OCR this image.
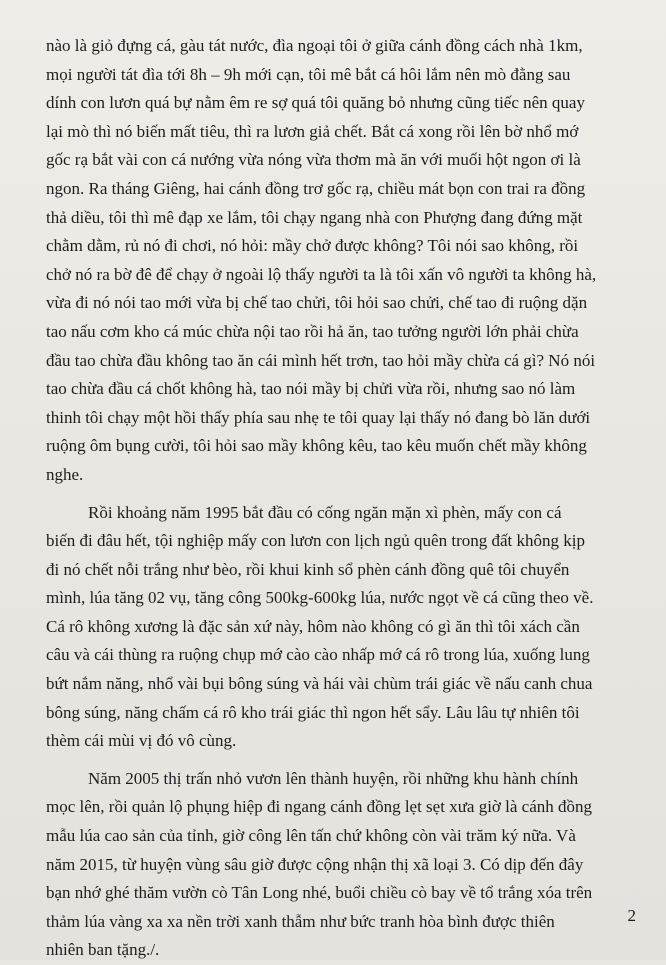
nào là giỏ đựng cá, gàu tát nước, đìa ngoại tôi ở giữa cánh đồng cách nhà 1km,
mọi người tát đìa tới 8h – 9h mới cạn, tôi mê bắt cá hôi lắm nên mò đằng sau
dính con lươn quá bự nằm êm re sợ quá tôi quăng bỏ nhưng cũng tiếc nên quay
lại mò thì nó biến mất tiêu, thì ra lươn giả chết. Bắt cá xong rồi lên bờ nhổ mớ
gốc rạ bắt vài con cá nướng vừa nóng vừa thơm mà ăn với muối hột ngon ơi là
ngon. Ra tháng Giêng, hai cánh đồng trơ gốc rạ, chiều mát bọn con trai ra đồng
thả diều, tôi thì mê đạp xe lắm, tôi chạy ngang nhà con Phượng đang đứng mặt
chằm dằm, rủ nó đi chơi, nó hỏi: mầy chở được không? Tôi nói sao không, rồi
chở nó ra bờ đê để chạy ở ngoài lộ thấy người ta là tôi xấn vô người ta không hà,
vừa đi nó nói tao mới vừa bị chế tao chửi, tôi hỏi sao chửi, chế tao đi ruộng dặn
tao nấu cơm kho cá múc chừa nội tao rồi hả ăn, tao tưởng người lớn phải chừa
đầu tao chừa đầu không tao ăn cái mình hết trơn, tao hỏi mầy chừa cá gì? Nó nói
tao chừa đầu cá chốt không hà, tao nói mầy bị chửi vừa rồi, nhưng sao nó làm
thinh tôi chạy một hồi thấy phía sau nhẹ te tôi quay lại thấy nó đang bò lăn dưới
ruộng ôm bụng cười, tôi hỏi sao mầy không kêu, tao kêu muốn chết mầy không
nghe.

Rồi khoảng năm 1995 bắt đầu có cống ngăn mặn xì phèn, mấy con cá
biến đi đâu hết, tội nghiệp mấy con lươn con lịch ngủ quên trong đất không kịp
đi nó chết nỗi trắng như bèo, rồi khui kinh sổ phèn cánh đồng quê tôi chuyển
mình, lúa tăng 02 vụ, tăng công 500kg-600kg lúa, nước ngọt về cá cũng theo về.
Cá rô không xương là đặc sản xứ này, hôm nào không có gì ăn thì tôi xách cần
câu và cái thùng ra ruộng chụp mớ cào cào nhấp mớ cá rô trong lúa, xuống lung
bứt nắm năng, nhổ vài bụi bông súng và hái vài chùm trái giác về nấu canh chua
bông súng, năng chấm cá rô kho trái giác thì ngon hết sẩy. Lâu lâu tự nhiên tôi
thèm cái mùi vị đó vô cùng.

Năm 2005 thị trấn nhỏ vươn lên thành huyện, rồi những khu hành chính
mọc lên, rồi quản lộ phụng hiệp đi ngang cánh đồng lẹt sẹt xưa giờ là cánh đồng
mẫu lúa cao sản của tỉnh, giờ công lên tấn chứ không còn vài trăm ký nữa. Và
năm 2015, từ huyện vùng sâu giờ được cộng nhận thị xã loại 3. Có dịp đến đây
bạn nhớ ghé thăm vườn cò Tân Long nhé, buổi chiều cò bay về tổ trắng xóa trên
thảm lúa vàng xa xa nền trời xanh thẫm như bức tranh hòa bình được thiên
nhiên ban tặng./.

2
